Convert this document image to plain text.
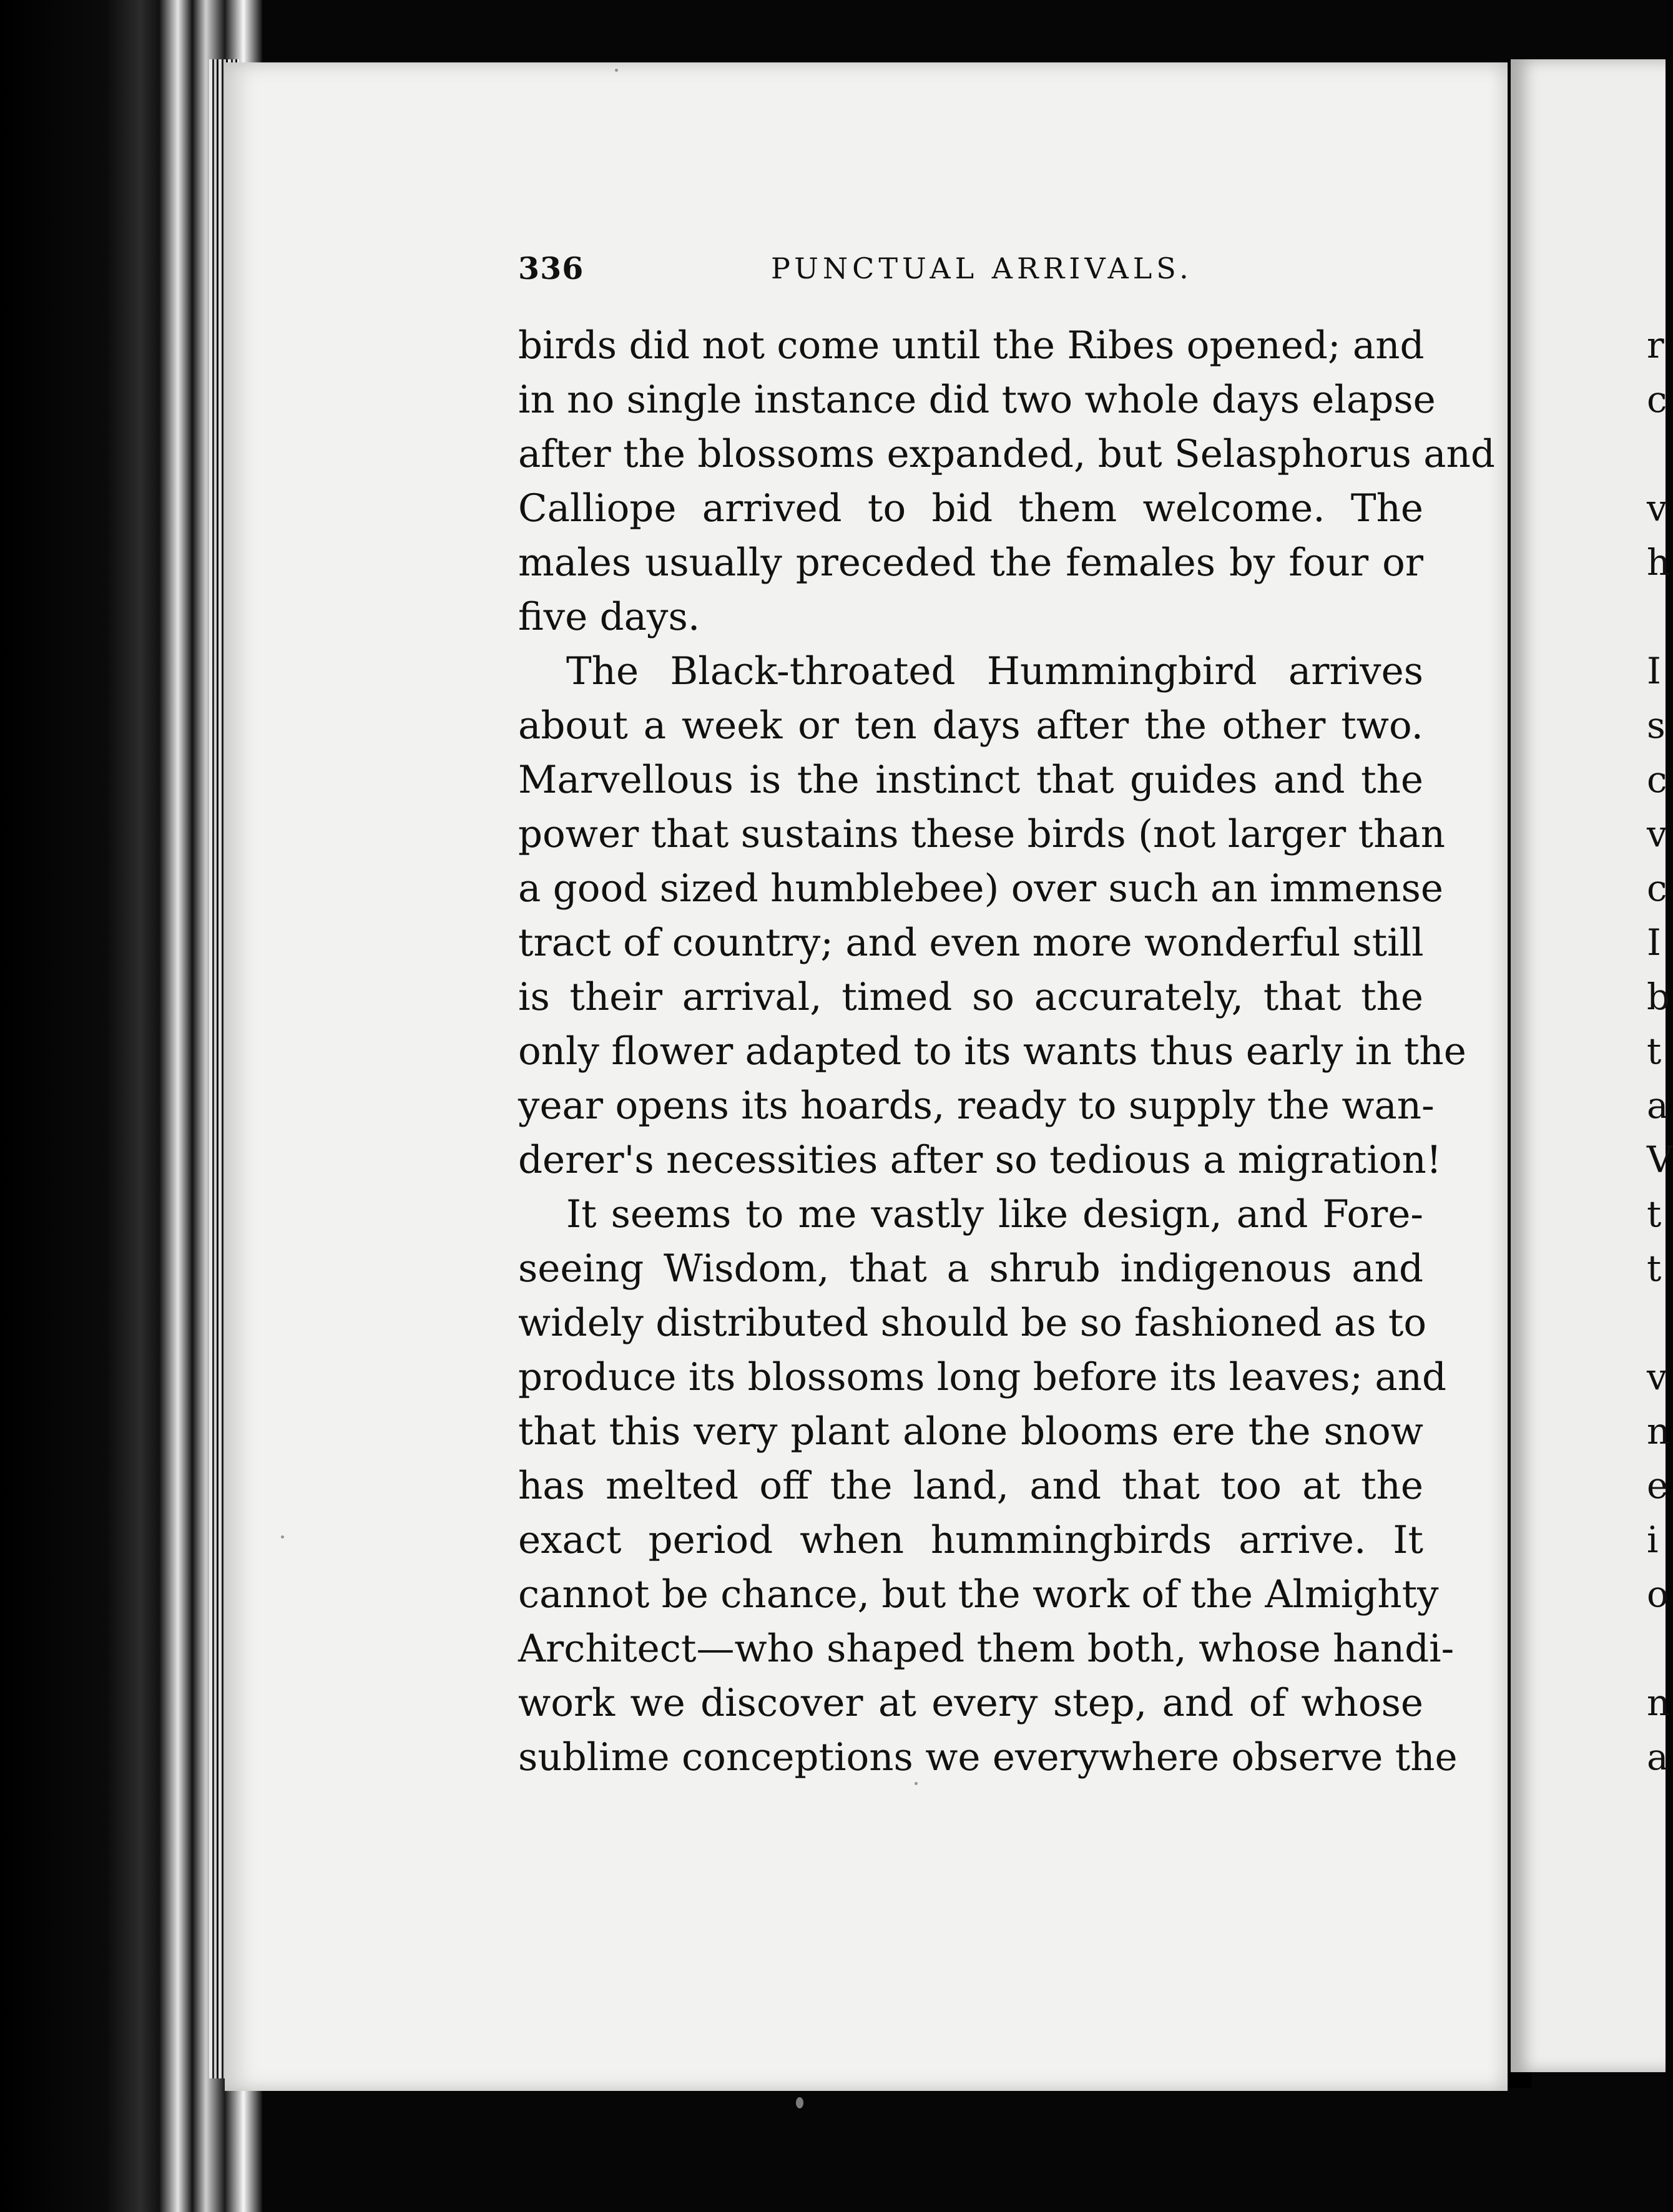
336	PUNCTUAL ARRIVALS.
birds did not come until the Ribes opened; and
in no single instance did two whole days elapse
after the blossoms expanded, but Selasphorus and
Calliope arrived to bid them welcome. The
males usually preceded the females by four or
five days.
The Black-throated Hummingbird arrives
about a week or ten days after the other two.
Marvellous is the instinct that guides and the
power that sustains these birds (not larger than
a good sized humblebee) over such an immense
tract of country; and even more wonderful still
is their arrival, timed so accurately, that the
only flower adapted to its wants thus early in the
year opens its hoards, ready to supply the wan-
derer's necessities after so tedious a migration!
It seems to me vastly like design, and Fore-
seeing Wisdom, that a shrub indigenous and
widely distributed should be so fashioned as to
produce its blossoms long before its leaves; and
that this very plant alone blooms ere the snow
has melted off the land, and that too at the
exact period when hummingbirds arrive. It
cannot be chance, but the work of the Almighty
Architect—who shaped them both, whose handi-
work we discover at every step, and of whose
sublime conceptions we everywhere observe the
r
c
v
h
I
s
c
v
c
I
b
t
a
V
t
t
v
n
e
i
o
n
a
